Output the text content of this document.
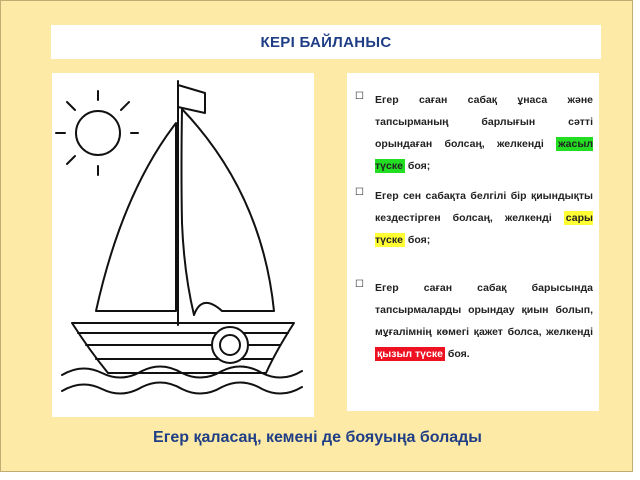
КЕРІ БАЙЛАНЫС
☐	Егер саған сабақ ұнаса және тапсырманың барлығын сәтті орындаған болсаң, желкенді жасыл түске боя;
☐	Егер сен сабақта белгілі бір қиындықты кездестірген болсаң, желкенді сары түске боя;
☐	Егер саған сабақ барысында тапсырмаларды орындау қиын болып, мұғалімнің көмегі қажет болса, желкенді қызыл түске боя.
Егер қаласаң, кемені де бояуыңа болады
